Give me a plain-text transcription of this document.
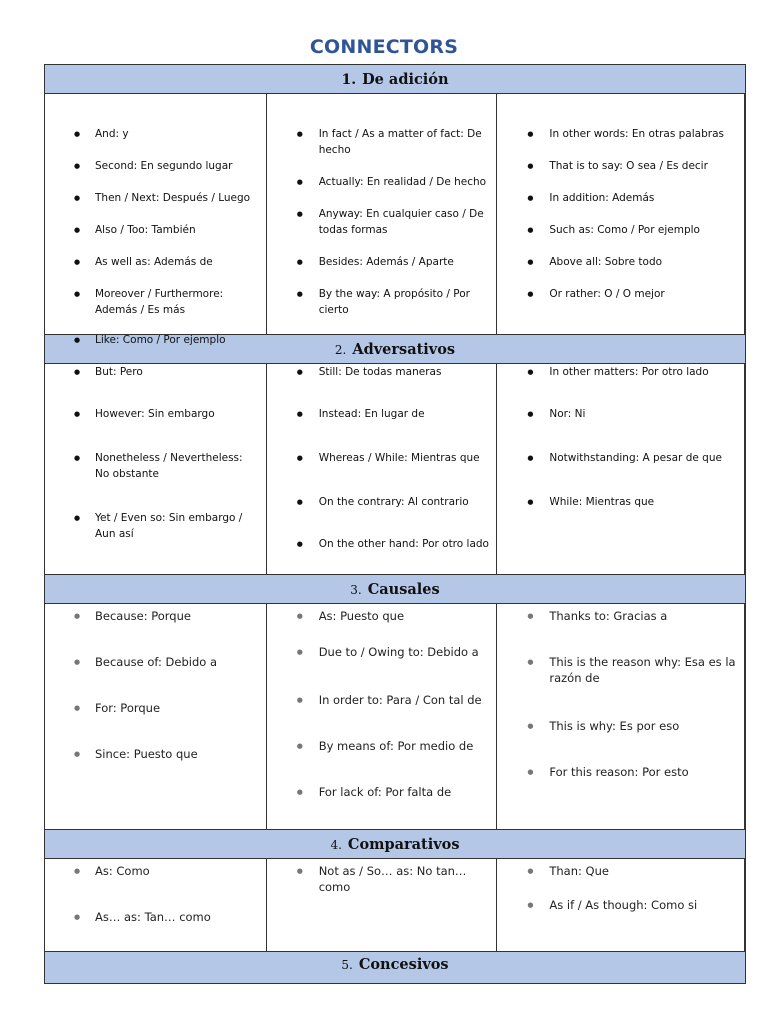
CONNECTORS
1. De adición
● And: y
● Second: En segundo lugar
● Then / Next: Después / Luego
● Also / Too: También
● As well as: Además de
● Moreover / Furthermore: Además / Es más
● Like: Como / Por ejemplo
● In fact / As a matter of fact: De hecho
● Actually: En realidad / De hecho
● Anyway: En cualquier caso / De todas formas
● Besides: Además / Aparte
● By the way: A propósito / Por cierto
● In other words: En otras palabras
● That is to say: O sea / Es decir
● In addition: Además
● Such as: Como / Por ejemplo
● Above all: Sobre todo
● Or rather: O / O mejor
2. Adversativos
● But: Pero
● However: Sin embargo
● Nonetheless / Nevertheless: No obstante
● Yet / Even so: Sin embargo / Aun así
● Still: De todas maneras
● Instead: En lugar de
● Whereas / While: Mientras que
● On the contrary: Al contrario
● On the other hand: Por otro lado
● In other matters: Por otro lado
● Nor: Ni
● Notwithstanding: A pesar de que
● While: Mientras que
3. Causales
● Because: Porque
● Because of: Debido a
● For: Porque
● Since: Puesto que
● As: Puesto que
● Due to / Owing to: Debido a
● In order to: Para / Con tal de
● By means of: Por medio de
● For lack of: Por falta de
● Thanks to: Gracias a
● This is the reason why: Esa es la razón de
● This is why: Es por eso
● For this reason: Por esto
4. Comparativos
● As: Como
● As… as: Tan… como
● Not as / So… as: No tan… como
● Than: Que
● As if / As though: Como si
5. Concesivos
